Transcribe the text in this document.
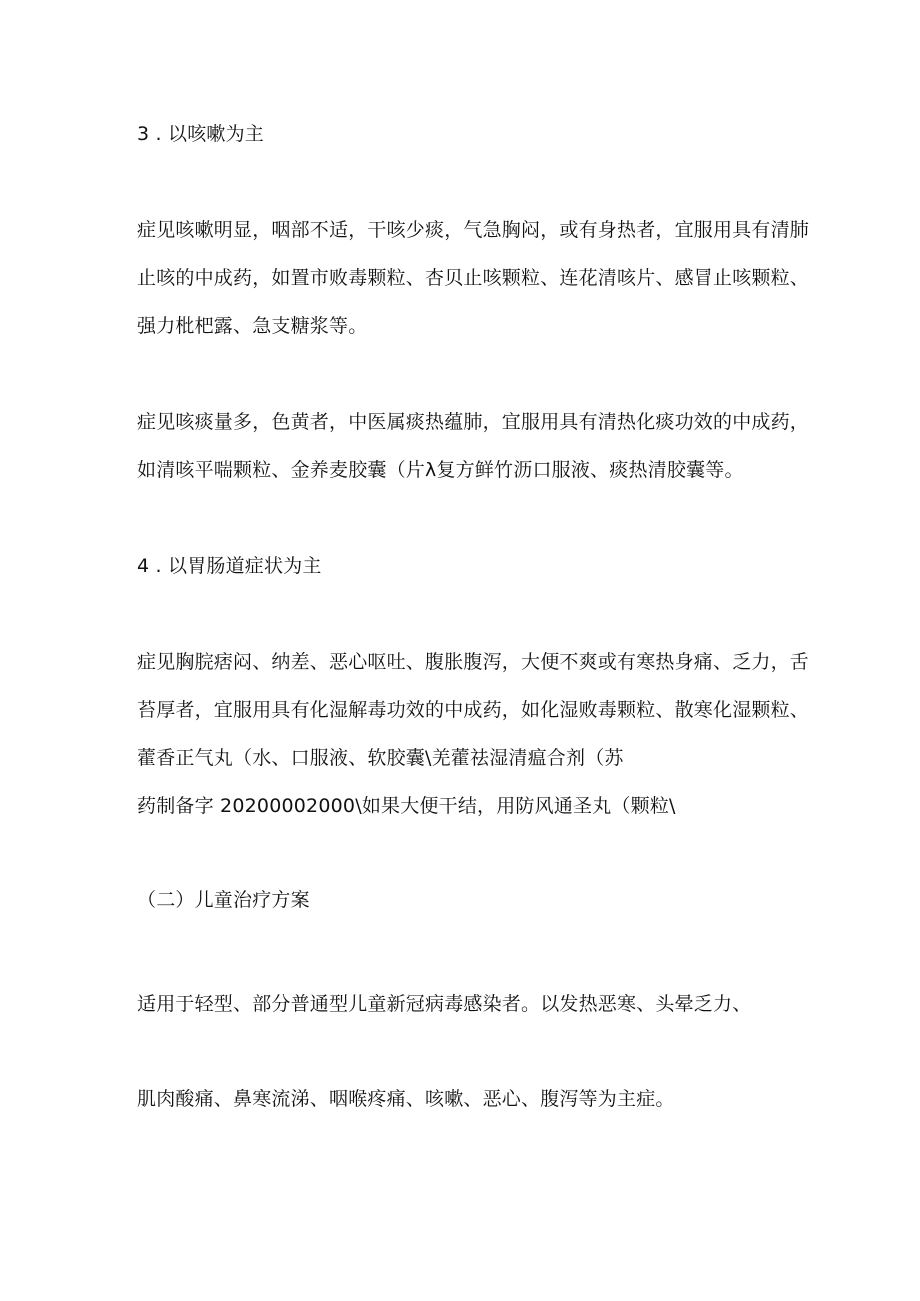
3 . 以咳嗽为主
症见咳嗽明显，咽部不适，干咳少痰，气急胸闷，或有身热者，宜服用具有清肺
止咳的中成药，如置市败毒颗粒、杏贝止咳颗粒、连花清咳片、感冒止咳颗粒、
强力枇杷露、急支糖浆等。
症见咳痰量多，色黄者，中医属痰热蕴肺，宜服用具有清热化痰功效的中成药，
如清咳平喘颗粒、金养麦胶囊（片λ复方鲜竹沥口服液、痰热清胶囊等。
4 . 以胃肠道症状为主
症见胸脘痞闷、纳差、恶心呕吐、腹胀腹泻，大便不爽或有寒热身痛、乏力，舌
苔厚者，宜服用具有化湿解毒功效的中成药，如化湿败毒颗粒、散寒化湿颗粒、
藿香正气丸（水、口服液、软胶囊\羌藿祛湿清瘟合剂（苏
药制备字 20200002000\如果大便干结，用防风通圣丸（颗粒\
（二）儿童治疗方案
适用于轻型、部分普通型儿童新冠病毒感染者。以发热恶寒、头晕乏力、
肌肉酸痛、鼻寒流涕、咽喉疼痛、咳嗽、恶心、腹泻等为主症。
